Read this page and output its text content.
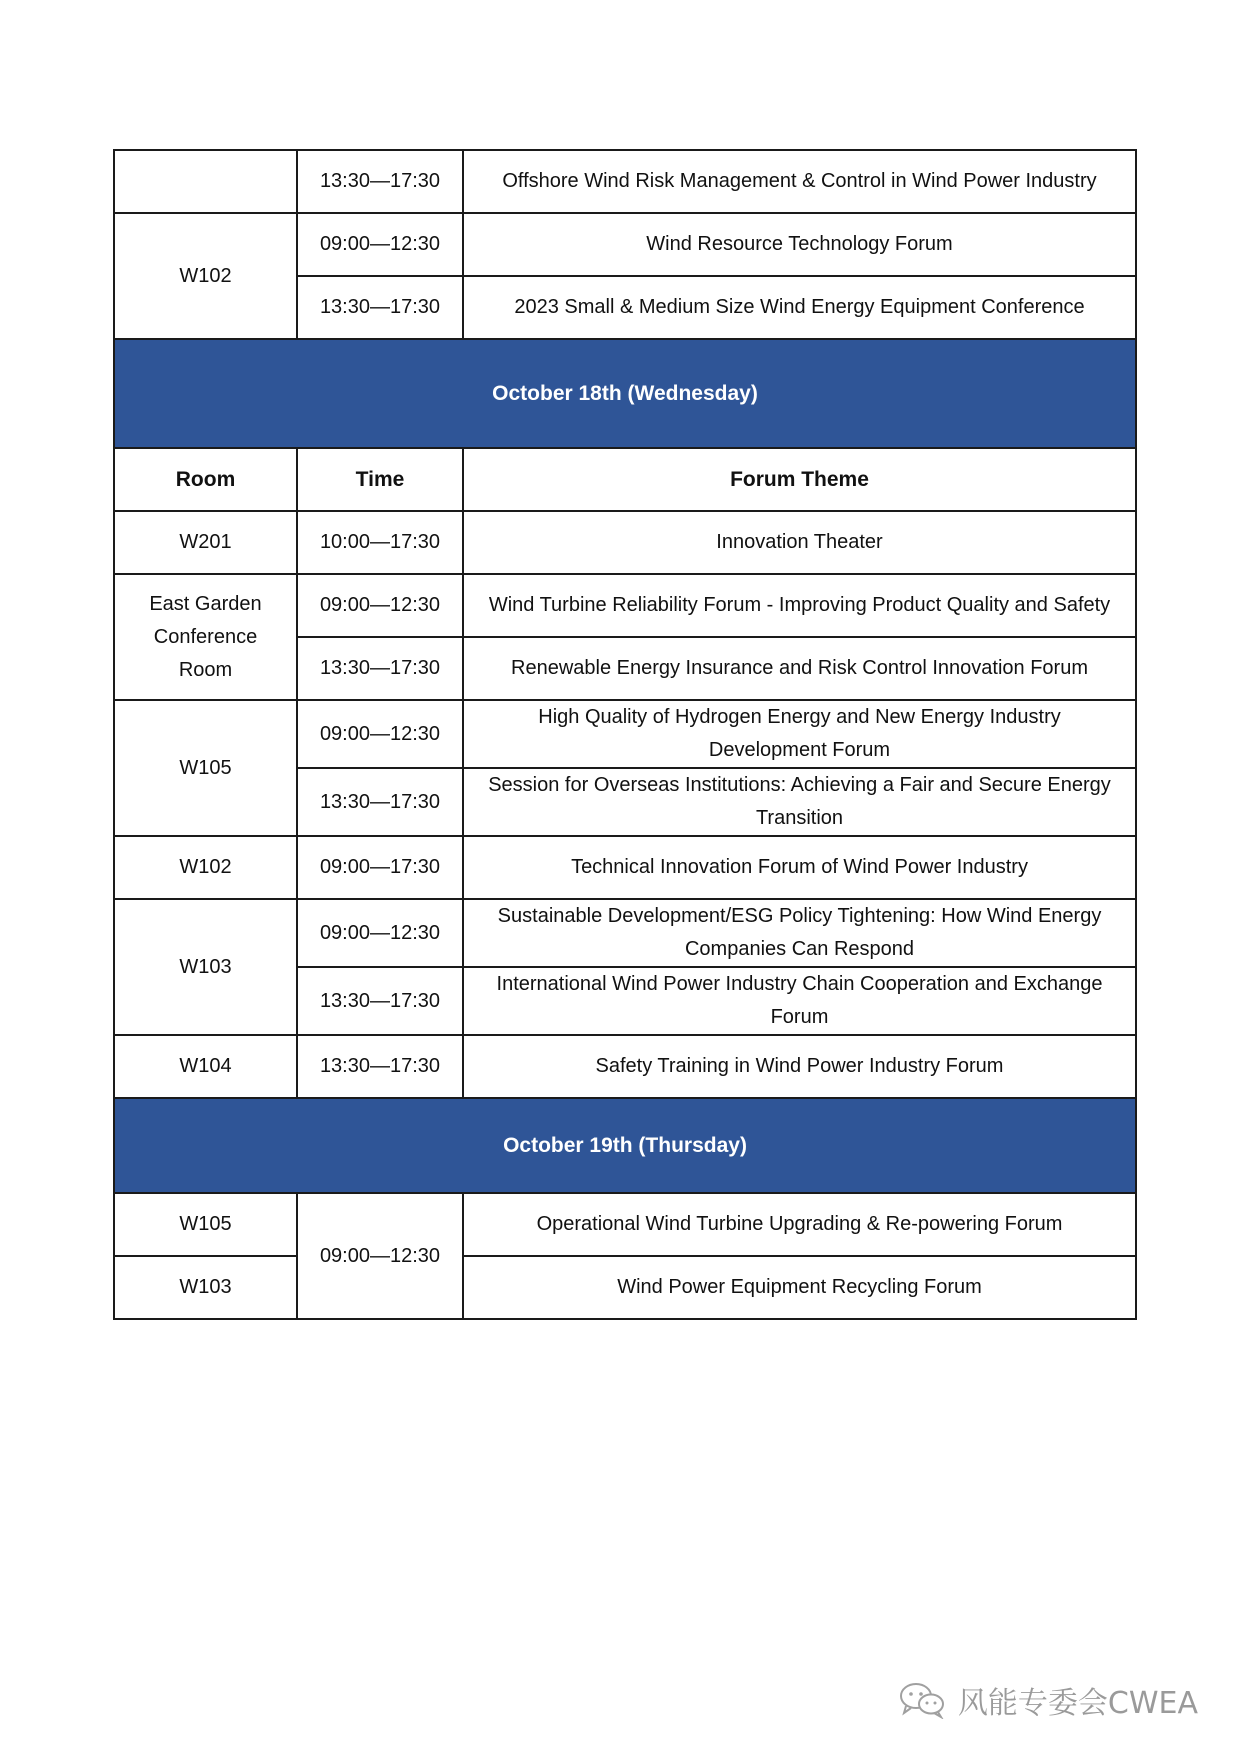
	13:30—17:30	Offshore Wind Risk Management & Control in Wind Power Industry
W102	09:00—12:30	Wind Resource Technology Forum
	13:30—17:30	2023 Small & Medium Size Wind Energy Equipment Conference
October 18th (Wednesday)		
Room	Time	Forum Theme
W201	10:00—17:30	Innovation Theater
East Garden Conference Room	09:00—12:30	Wind Turbine Reliability Forum - Improving Product Quality and Safety
	13:30—17:30	Renewable Energy Insurance and Risk Control Innovation Forum
W105	09:00—12:30	High Quality of Hydrogen Energy and New Energy Industry Development Forum
	13:30—17:30	Session for Overseas Institutions: Achieving a Fair and Secure Energy Transition
W102	09:00—17:30	Technical Innovation Forum of Wind Power Industry
W103	09:00—12:30	Sustainable Development/ESG Policy Tightening: How Wind Energy Companies Can Respond
	13:30—17:30	International Wind Power Industry Chain Cooperation and Exchange Forum
W104	13:30—17:30	Safety Training in Wind Power Industry Forum
October 19th (Thursday)		
W105	09:00—12:30	Operational Wind Turbine Upgrading & Re-powering Forum
W103		Wind Power Equipment Recycling Forum
风能专委会CWEA
